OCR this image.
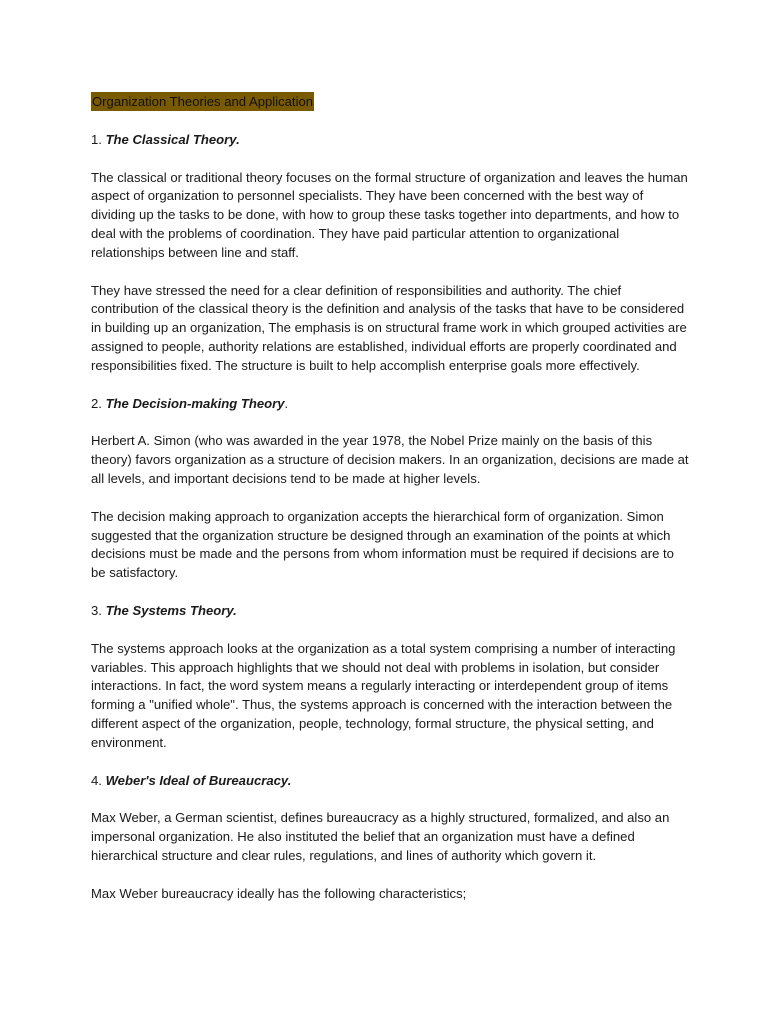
Organization Theories and Application
1. The Classical Theory.

The classical or traditional theory focuses on the formal structure of organization and leaves the human aspect of organization to personnel specialists. They have been concerned with the best way of dividing up the tasks to be done, with how to group these tasks together into departments, and how to deal with the problems of coordination. They have paid particular attention to organizational relationships between line and staff.

They have stressed the need for a clear definition of responsibilities and authority. The chief contribution of the classical theory is the definition and analysis of the tasks that have to be considered in building up an organization, The emphasis is on structural frame work in which grouped activities are assigned to people, authority relations are established, individual efforts are properly coordinated and responsibilities fixed. The structure is built to help accomplish enterprise goals more effectively.

2. The Decision-making Theory.

Herbert A. Simon (who was awarded in the year 1978, the Nobel Prize mainly on the basis of this theory) favors organization as a structure of decision makers. In an organization, decisions are made at all levels, and important decisions tend to be made at higher levels.

The decision making approach to organization accepts the hierarchical form of organization. Simon suggested that the organization structure be designed through an examination of the points at which decisions must be made and the persons from whom information must be required if decisions are to be satisfactory.

3. The Systems Theory.

The systems approach looks at the organization as a total system comprising a number of interacting variables. This approach highlights that we should not deal with problems in isolation, but consider interactions. In fact, the word system means a regularly interacting or interdependent group of items forming a "unified whole". Thus, the systems approach is concerned with the interaction between the different aspect of the organization, people, technology, formal structure, the physical setting, and environment.

4. Weber's Ideal of Bureaucracy.

Max Weber, a German scientist, defines bureaucracy as a highly structured, formalized, and also an impersonal organization. He also instituted the belief that an organization must have a defined hierarchical structure and clear rules, regulations, and lines of authority which govern it.

Max Weber bureaucracy ideally has the following characteristics;
